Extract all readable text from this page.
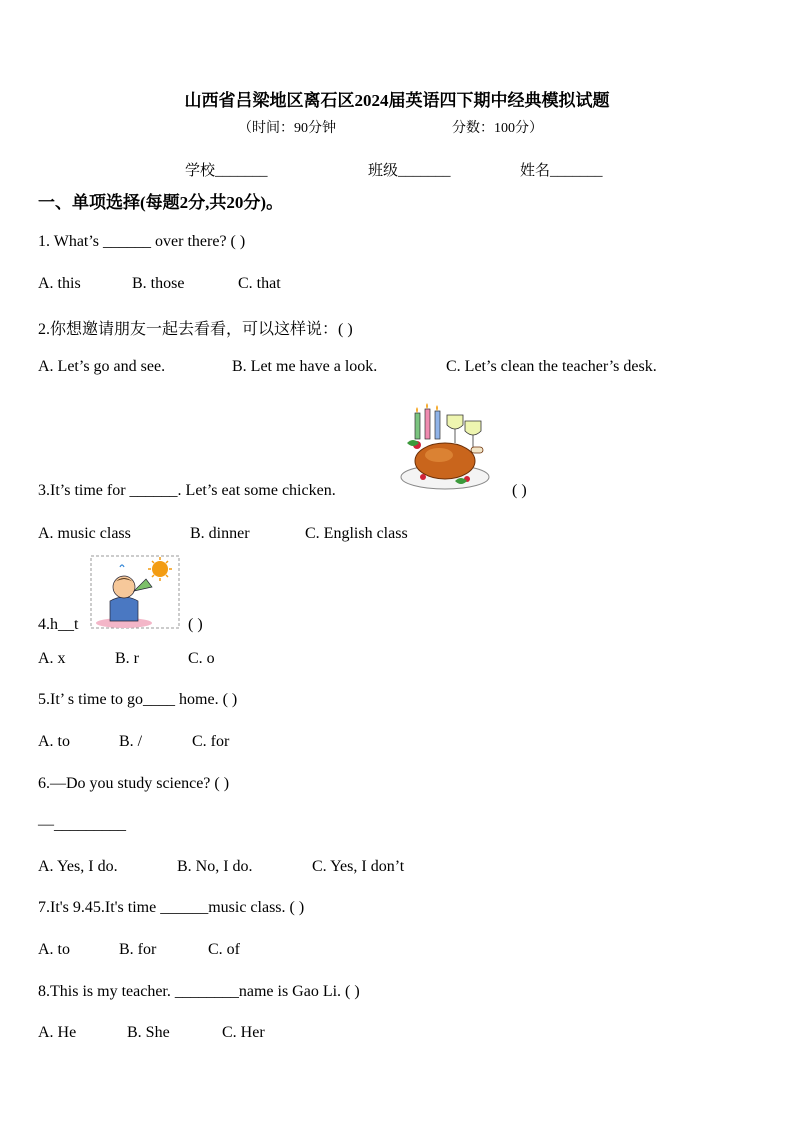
山西省吕梁地区离石区2024届英语四下期中经典模拟试题
（时间：90分钟	分数：100分）
学校_______	班级_______	姓名_______
一、单项选择(每题2分,共20分)。
1. What’s ______ over there? ( )
A. this	B. those	C. that
2.你想邀请朋友一起去看看，可以这样说：( )
A. Let’s go and see.	B. Let me have a look.	C. Let’s clean the teacher’s desk.
3.It’s time for ______. Let’s eat some chicken.	( )
A. music class	B. dinner	C. English class
4.h__t	( )
A. x	B. r	C. o
5.It’ s time to go____ home. ( )
A. to	B. /	C. for
6.—Do you study science? ( )
—_________
A. Yes, I do.	B. No, I do.	C. Yes, I don’t
7.It's 9.45.It's time ______music class. ( )
A. to	B. for	C. of
8.This is my teacher. ________name is Gao Li. ( )
A. He	B. She	C. Her
